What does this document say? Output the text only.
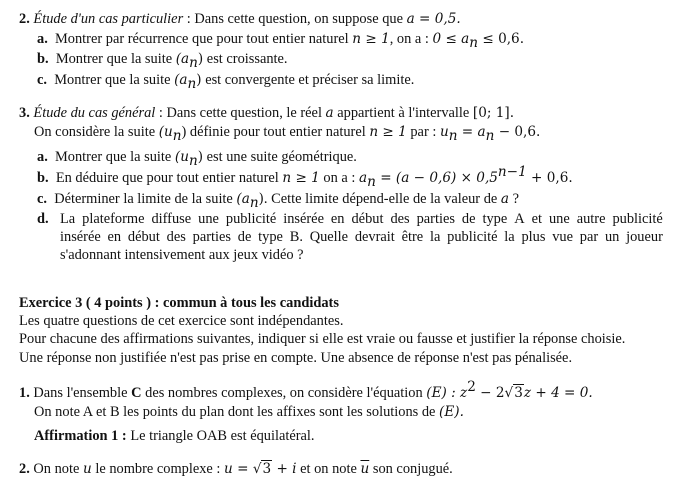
2. Étude d'un cas particulier : Dans cette question, on suppose que a = 0,5.
a. Montrer par récurrence que pour tout entier naturel n ≥ 1, on a : $0 \le a_n \le 0,6$.
b. Montrer que la suite $(a_n)$ est croissante.
c. Montrer que la suite $(a_n)$ est convergente et préciser sa limite.
3. Étude du cas général : Dans cette question, le réel a appartient à l'intervalle [0; 1].
On considère la suite $(u_n)$ définie pour tout entier naturel n ≥ 1 par : $u_n = a_n - 0,6$.
a. Montrer que la suite $(u_n)$ est une suite géométrique.
b. En déduire que pour tout entier naturel n ≥ 1 on a : $a_n = (a - 0,6) \times 0,5^{n-1} + 0,6$.
c. Déterminer la limite de la suite $(a_n)$. Cette limite dépend-elle de la valeur de a ?
d. La plateforme diffuse une publicité insérée en début des parties de type A et une autre publicité
insérée en début des parties de type B. Quelle devrait être la publicité la plus vue par un joueur
s'adonnant intensivement aux jeux vidéo ?
Exercice 3 ( 4 points ) : commun à tous les candidats
Les quatre questions de cet exercice sont indépendantes.
Pour chacune des affirmations suivantes, indiquer si elle est vraie ou fausse et justifier la réponse choisie.
Une réponse non justifiée n'est pas prise en compte. Une absence de réponse n'est pas pénalisée.
1. Dans l'ensemble C des nombres complexes, on considère l'équation (E) : $z^2 - 2√3z + 4 = 0$.
On note A et B les points du plan dont les affixes sont les solutions de (E).
Affirmation 1 : Le triangle OAB est équilatéral.
2. On note u le nombre complexe : u = √3 + i et on note $\overline{u}$ son conjugué.
